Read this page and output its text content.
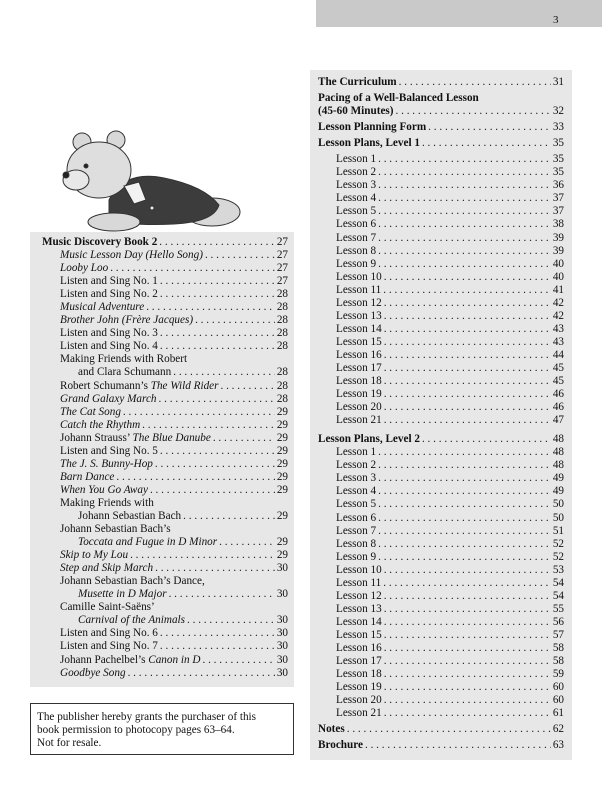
3
Music Discovery Book 2 . . .	27
Music Lesson Day (Hello Song) . . .	27
Looby Loo . . .	27
Listen and Sing No. 1 . . .	27
Listen and Sing No. 2 . . .	28
Musical Adventure . . .	28
Brother John (Frère Jacques) . . .	28
Listen and Sing No. 3 . . .	28
Listen and Sing No. 4 . . .	28
Making Friends with Robert
and Clara Schumann . . .	28
Robert Schumann’s The Wild Rider . . .	28
Grand Galaxy March . . .	28
The Cat Song . . .	29
Catch the Rhythm . . .	29
Johann Strauss’ The Blue Danube . . .	29
Listen and Sing No. 5 . . .	29
The J. S. Bunny-Hop . . .	29
Barn Dance . . .	29
When You Go Away . . .	29
Making Friends with
Johann Sebastian Bach . . .	29
Johann Sebastian Bach’s
Toccata and Fugue in D Minor . . .	29
Skip to My Lou . . .	29
Step and Skip March . . .	30
Johann Sebastian Bach’s Dance,
Musette in D Major . . .	30
Camille Saint-Saëns’
Carnival of the Animals . . .	30
Listen and Sing No. 6 . . .	30
Listen and Sing No. 7 . . .	30
Johann Pachelbel’s Canon in D . . .	30
Goodbye Song . . .	30
The Curriculum . . .	31
Pacing of a Well-Balanced Lesson
(45-60 Minutes) . . .	32
Lesson Planning Form . . .	33
Lesson Plans, Level 1 . . .	35
Lesson 1 . . .	35
Lesson 2 . . .	35
Lesson 3 . . .	36
Lesson 4 . . .	37
Lesson 5 . . .	37
Lesson 6 . . .	38
Lesson 7 . . .	39
Lesson 8 . . .	39
Lesson 9 . . .	40
Lesson 10 . . .	40
Lesson 11 . . .	41
Lesson 12 . . .	42
Lesson 13 . . .	42
Lesson 14 . . .	43
Lesson 15 . . .	43
Lesson 16 . . .	44
Lesson 17 . . .	45
Lesson 18 . . .	45
Lesson 19 . . .	46
Lesson 20 . . .	46
Lesson 21 . . .	47
Lesson Plans, Level 2 . . .	48
Lesson 1 . . .	48
Lesson 2 . . .	48
Lesson 3 . . .	49
Lesson 4 . . .	49
Lesson 5 . . .	50
Lesson 6 . . .	50
Lesson 7 . . .	51
Lesson 8 . . .	52
Lesson 9 . . .	52
Lesson 10 . . .	53
Lesson 11 . . .	54
Lesson 12 . . .	54
Lesson 13 . . .	55
Lesson 14 . . .	56
Lesson 15 . . .	57
Lesson 16 . . .	58
Lesson 17 . . .	58
Lesson 18 . . .	59
Lesson 19 . . .	60
Lesson 20 . . .	60
Lesson 21 . . .	61
Notes . . .	62
Brochure . . .	63
The publisher hereby grants the purchaser of this
book permission to photocopy pages 63–64.
Not for resale.
